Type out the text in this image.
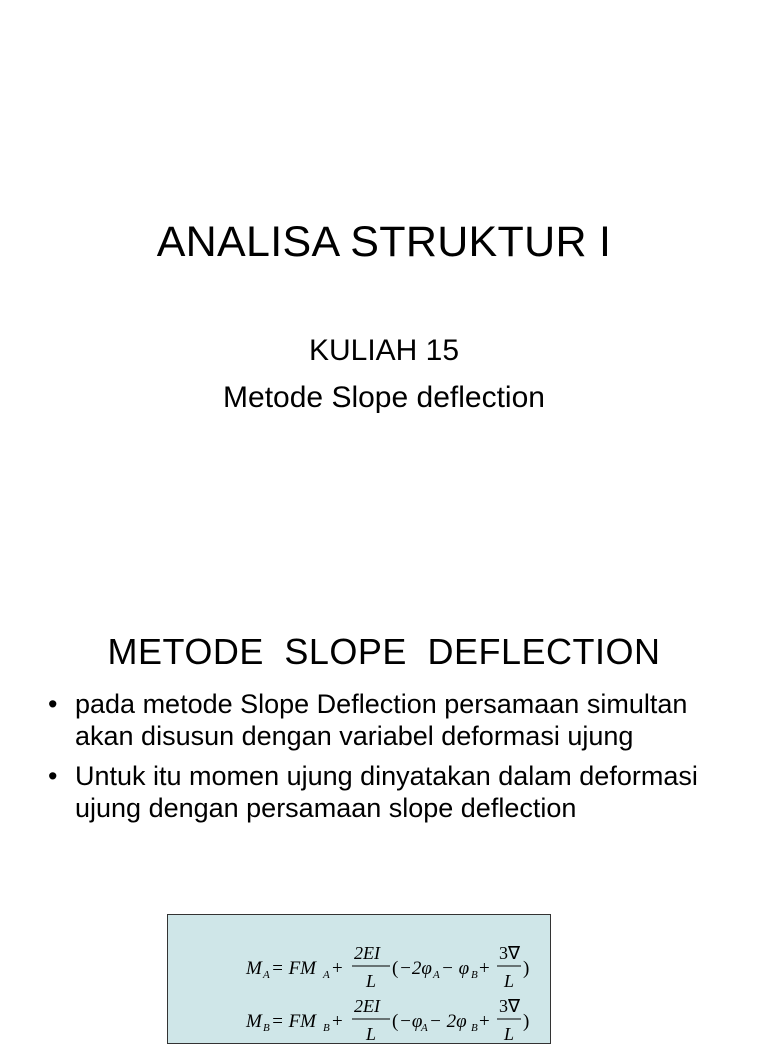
ANALISA STRUKTUR I
KULIAH 15
Metode Slope deflection
METODE SLOPE DEFLECTION
• pada metode Slope Deflection persamaan simultan akan disusun dengan variabel deformasi ujung
• Untuk itu momen ujung dinyatakan dalam deformasi ujung dengan persamaan slope deflection
M A = FM A +
2EI
L
( −2φ A − φ B +
3∇
L
)
M B = FM B +
2EI
L
( −φ
A − 2φ B +
3∇
L
)
